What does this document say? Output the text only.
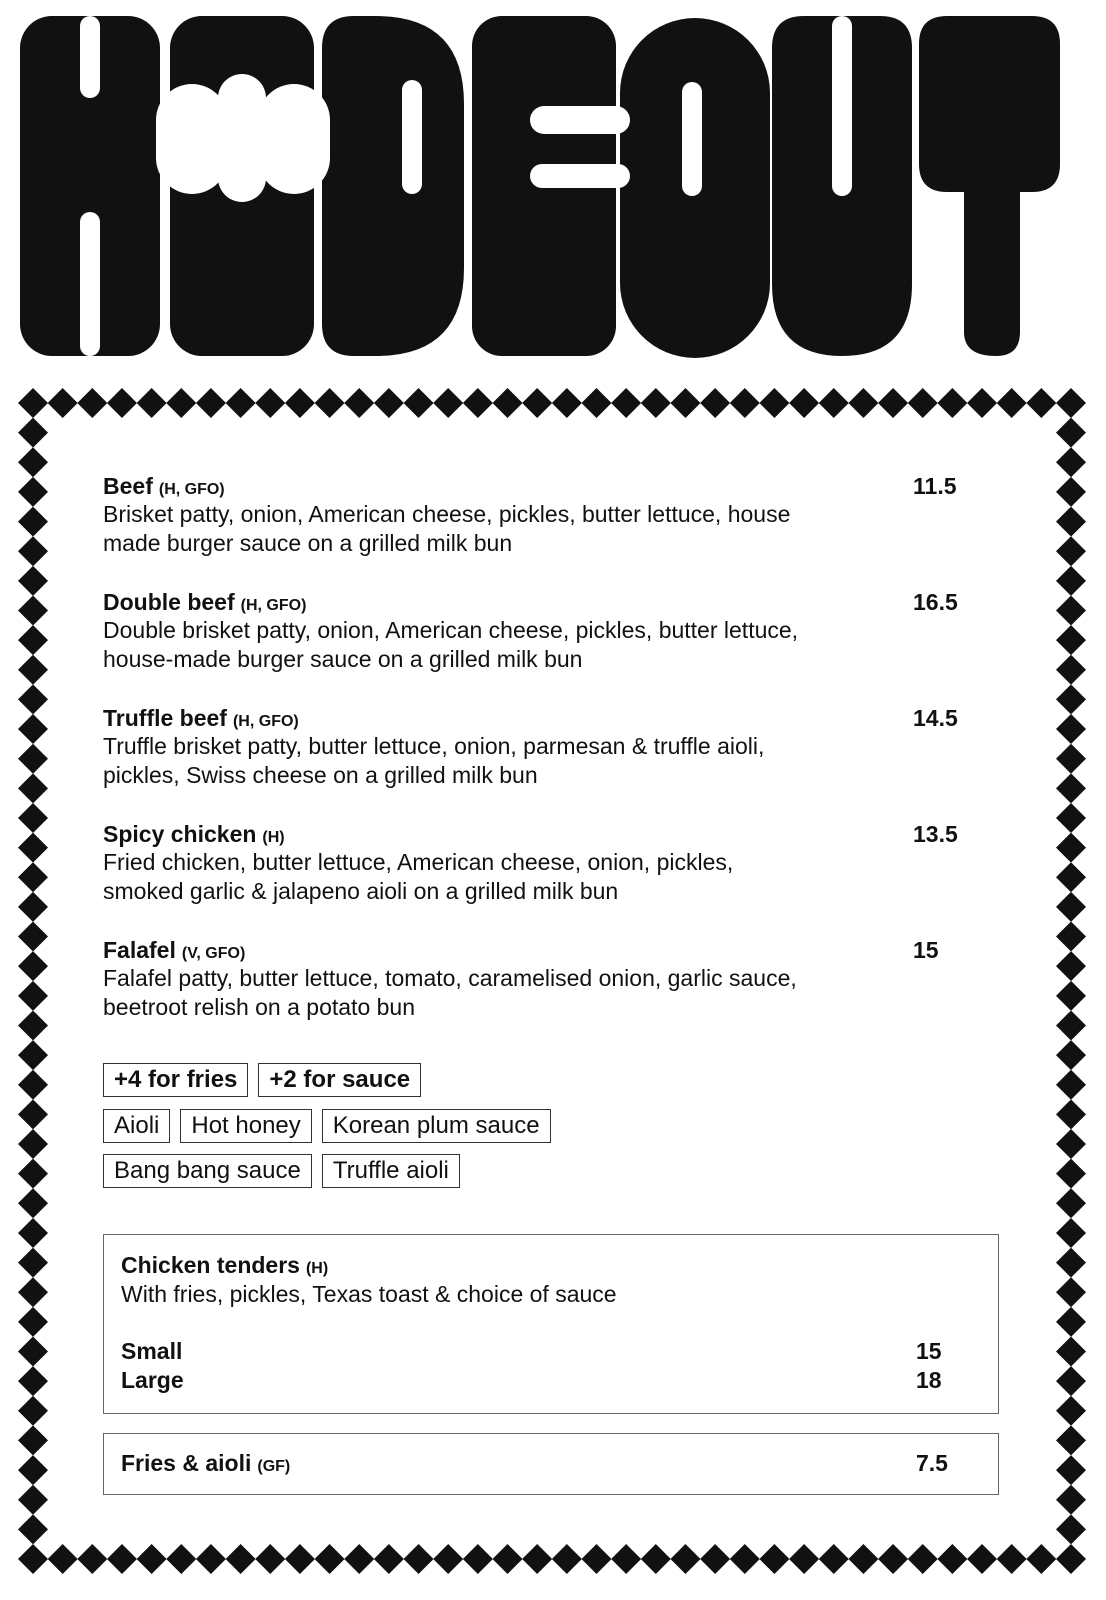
Beef (H, GFO)	11.5
Brisket patty, onion, American cheese, pickles, butter lettuce, house
made burger sauce on a grilled milk bun
Double beef (H, GFO)	16.5
Double brisket patty, onion, American cheese, pickles, butter lettuce,
house-made burger sauce on a grilled milk bun
Truffle beef (H, GFO)	14.5
Truffle brisket patty, butter lettuce, onion, parmesan & truffle aioli,
pickles, Swiss cheese on a grilled milk bun
Spicy chicken (H)	13.5
Fried chicken, butter lettuce, American cheese, onion, pickles,
smoked garlic & jalapeno aioli on a grilled milk bun
Falafel (V, GFO)	15
Falafel patty, butter lettuce, tomato, caramelised onion, garlic sauce,
beetroot relish on a potato bun
+4 for fries	+2 for sauce
Aioli	Hot honey	Korean plum sauce
Bang bang sauce	Truffle aioli
Chicken tenders (H)
With fries, pickles, Texas toast & choice of sauce
Small	15
Large	18
Fries & aioli (GF)	7.5
